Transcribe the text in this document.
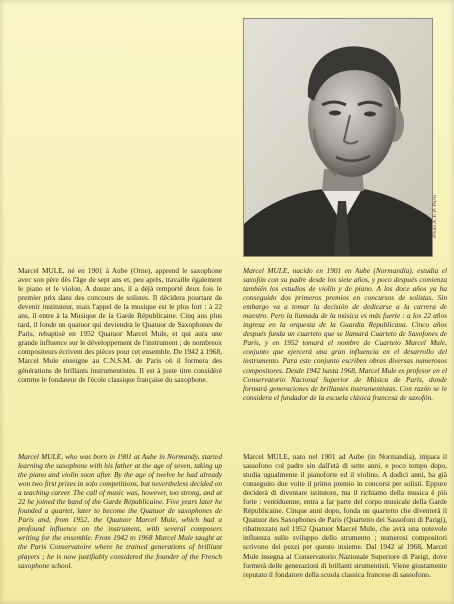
Photo A. F. P. Paris
Marcel MULE, né en 1901 à Aube (Orne), apprend le saxophone avec son père dès l'âge de sept ans et, peu après, travaille également le piano et le violon. A douze ans, il a déjà remporté deux fois le premier prix dans des concours de solistes. Il décidera pourtant de devenir instituteur, mais l'appel de la musique est le plus fort : à 22 ans, il entre à la Musique de la Garde Républicaine. Cinq ans plus tard, il fonde un quatuor qui deviendra le Quatuor de Saxophones de Paris, rebaptisé en 1952 Quatuor Marcel Mule, et qui aura une grande influence sur le développement de l'instrument ; de nombreux compositeurs écrivent des pièces pour cet ensemble. De 1942 à 1968, Marcel Mule enseigne au C.N.S.M. de Paris où il formera des générations de brillants instrumentistes. Il est à juste titre considéré comme le fondateur de l'école classique française du saxophone.
Marcel MULE, nacido en 1901 en Aube (Normandía), estudia el saxofón con su padre desde los siete años, y poco después comienza también los estudios de violín y de piano. A los doce años ya ha conseguido dos primeros premios en concursos de solistas. Sin embargo va a tomar la decisión de dedicarse a la carrera de maestro. Pero la llamada de la música es más fuerte : a los 22 años ingresa en la orquesta de la Guardia Republicana. Cinco años después funda un cuarteto que se llamará Cuarteto de Saxofones de París, y en 1952 tomará el nombre de Cuarteto Marcel Mule, conjunto que ejercerá una gran influencia en el desarrollo del instrumento. Para este conjunto escriben obras diversas numerosos compositores. Desde 1942 hasta 1968, Marcel Mule es profesor en el Conservatorio Nacional Superior de Música de París, donde formará generaciones de brillantes instrumentistas. Con razón se le considera el fundador de la escuela clásica francesa de saxofón.
Marcel MULE, who was born in 1901 at Aube in Normandy, started learning the saxophone with his father at the age of seven, taking up the piano and violin soon after. By the age of twelve he had already won two first prizes in solo competitions, but nevertheless decided on a teaching career. The call of music was, however, too strong, and at 22 he joined the band of the Garde Républicaine. Five years later he founded a quartet, later to become the Quatuor de saxophones de Paris and, from 1952, the Quatuor Marcel Mule, which had a profound influence on the instrument, with several composers writing for the ensemble. From 1942 to 1968 Marcel Mule taught at the Paris Conservatoire where he trained generations of brilliant players ; he is now justifiably considered the founder of the French saxophone school.
Marcel MULE, nato nel 1901 ad Aube (in Normandia), impara il sassofono col padre sin dall'età di sette anni, e poco tempo dopo, studia ugualmente il pianoforte ed il violino. A dodici anni, ha già conseguito due volte il primo premio in concorsi per solisti. Eppure deciderà di diventare istitutore, ma il richiamo della musica è più forte : ventiduenne, entra a far parte del corpo musicale della Garde Républicaine. Cinque anni dopo, fonda un quartetto che diventerà il Quatuor des Saxophones de Paris (Quartetto dei Sassofoni di Parigi), ribattezzato nel 1952 Quatuor Marcel Mule, che avrà una notevole influenza sullo sviluppo dello strumento ; numerosi compositori scrivono dei pezzi per questo insieme. Dal 1942 al 1968, Marcel Mule insegna al Conservatorio Nazionale Superiore di Parigi, dove formerà delle generazioni di brillanti strumentisti. Viene giustamente reputato il fondatore della scuola classica francese di sassofono.
